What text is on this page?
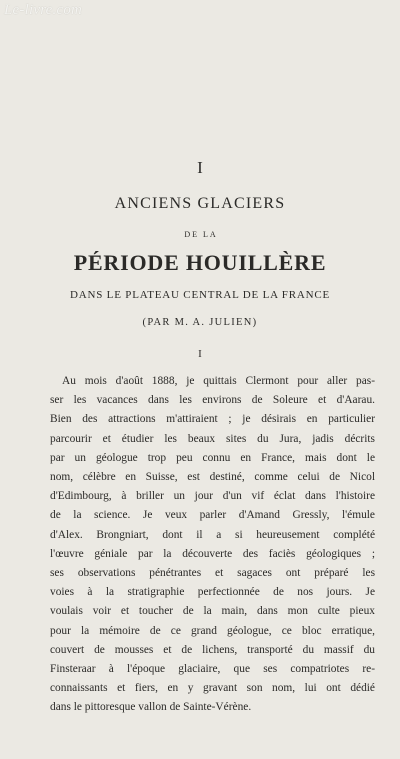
Le-livre.com
I
ANCIENS GLACIERS
DE LA
PÉRIODE HOUILLÈRE
DANS LE PLATEAU CENTRAL DE LA FRANCE
(PAR M. A. JULIEN)
I
Au mois d'août 1888, je quittais Clermont pour aller pas-
ser les vacances dans les environs de Soleure et d'Aarau.
Bien des attractions m'attiraient ; je désirais en particulier
parcourir et étudier les beaux sites du Jura, jadis décrits
par un géologue trop peu connu en France, mais dont le
nom, célèbre en Suisse, est destiné, comme celui de Nicol
d'Edimbourg, à briller un jour d'un vif éclat dans l'histoire
de la science. Je veux parler d'Amand Gressly, l'émule
d'Alex. Brongniart, dont il a si heureusement complété
l'œuvre géniale par la découverte des faciès géologiques ;
ses observations pénétrantes et sagaces ont préparé les
voies à la stratigraphie perfectionnée de nos jours. Je
voulais voir et toucher de la main, dans mon culte pieux
pour la mémoire de ce grand géologue, ce bloc erratique,
couvert de mousses et de lichens, transporté du massif du
Finsteraar à l'époque glaciaire, que ses compatriotes re-
connaissants et fiers, en y gravant son nom, lui ont dédié
dans le pittoresque vallon de Sainte-Vérène.
